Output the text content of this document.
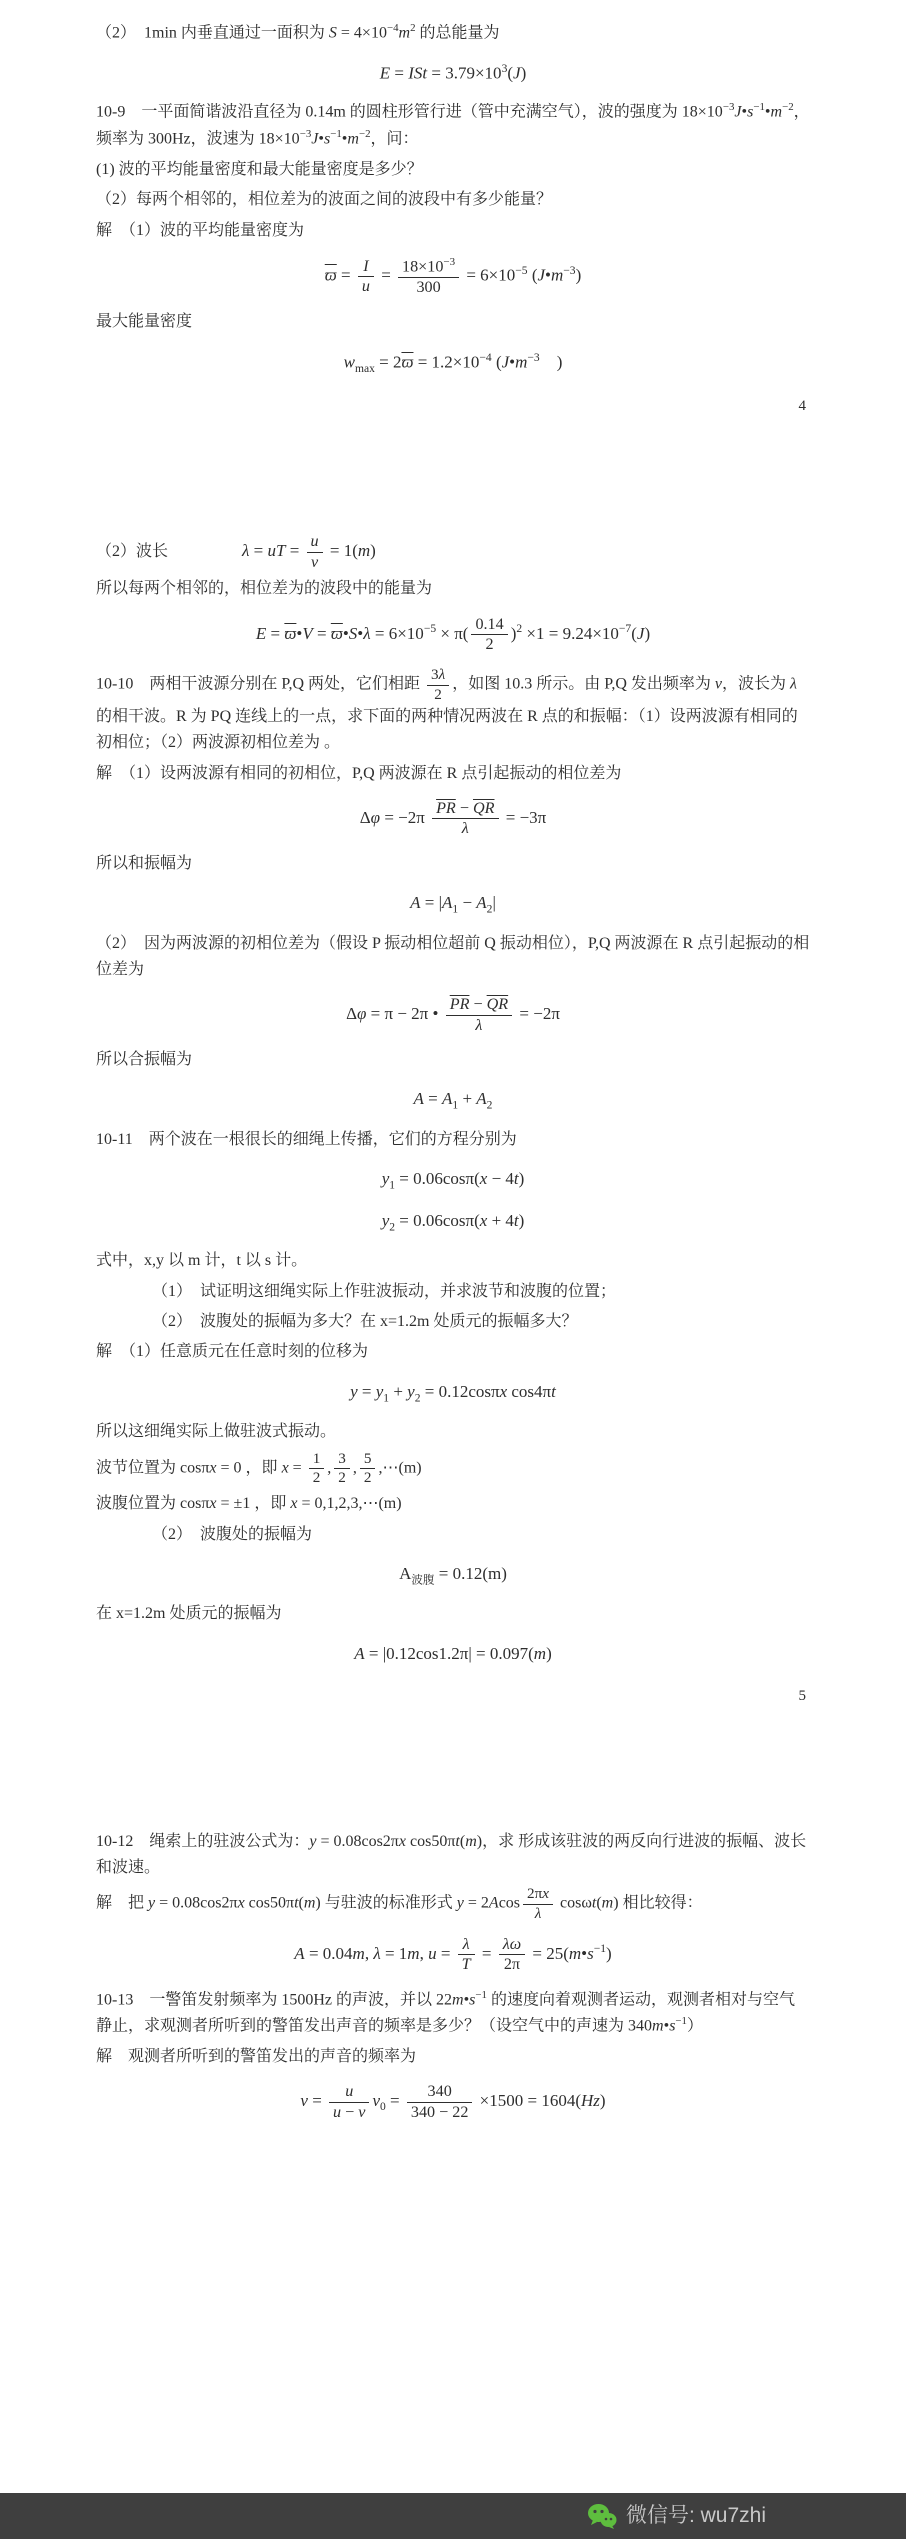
（2）　1min 内垂直通过一面积为 $S = 4\times 10^{-4}m^2$ 的总能量为

E = ISt = $3.79\times 10^3(J)$

10-9　一平面简谐波沿直径为 0.14m 的圆柱形管行进（管中充满空气），波的强度为 $18\times 10^{-3}J•s^{-1}•m^{-2}$，频率为 300Hz，波速为 $18\times 10^{-3}J•s^{-1}•m^{-2}$，问：

(1) 波的平均能量密度和最大能量密度是多少？

（2）每两个相邻的，相位差为的波面之间的波段中有多少能量？

解　（1）波的平均能量密度为

$\overline{ϖ} = \frac{I}{u} = \frac{18\times 10^{-3}}{300} = 6\times 10^{-5}$ $(J•m^{-3})$

最大能量密度

$w_{max} = 2\overline{ϖ} = 1.2\times 10^{-4}$ ($J•m^{-3}$　)

4

（2）波长	λ = uT = $\frac{u}{v} = 1(m)$

所以每两个相邻的，相位差为的波段中的能量为

$E = \overline{ϖ}•V$ = $\overline{ϖ}•S•\lambda = 6\times 10^{-5} \times \pi( \frac{0.14}{2} )^2 \times 1 = 9.24\times 10^{-7}(J)$

10-10　两相干波源分别在 P,Q 两处，它们相距 $\frac{3\lambda}{2}$ ，如图 10.3 所示。由 P,Q 发出频率为 ν，波长为 λ 的相干波。R 为 PQ 连线上的一点，求下面的两种情况两波在 R 点的和振幅：（1）设两波源有相同的初相位；（2）两波源初相位差为 。

解　（1）设两波源有相同的初相位，P,Q 两波源在 R 点引起振动的相位差为

$\Delta\varphi = -2\pi \frac{\overline{PR} - \overline{QR}}{\lambda} = -3\pi$

所以和振幅为

$A = |A_1 - A_2|$

（2）　因为两波源的初相位差为（假设 P 振动相位超前 Q 振动相位），P,Q 两波源在 R 点引起振动的相位差为

Δφ = π − 2π • $\frac{\overline{PR} - \overline{QR}}{\lambda} = -2\pi$

所以合振幅为

$A = A_1 + A_2$

10-11　两个波在一根很长的细绳上传播，它们的方程分别为

$y_1 = 0.06\cos\pi(x - 4t)$

$y_2 = 0.06\cos\pi(x + 4t)$

式中，x,y 以 m 计，t 以 s 计。

（1）　试证明这细绳实际上作驻波振动，并求波节和波腹的位置；

（2）　波腹处的振幅为多大？在 x=1.2m 处质元的振幅多大？

解　（1）任意质元在任意时刻的位移为

$y = y_1 + y_2 = 0.12\cos\pi x$ cos4πt

所以这细绳实际上做驻波式振动。

波节位置为 cosπx = 0 ，即 $x = \frac{1}{2}$ , $\frac{3}{2}$ , $\frac{5}{2}$ ,⋯(m)

波腹位置为 cosπx = ±1 ，即 x = 0,1,2,3,⋯(m)

（2）　波腹处的振幅为

$A_{波腹} = 0.12(m)$

在 x=1.2m 处质元的振幅为

A = |0.12cos1.2π| = 0.097(m)

5

10-12　绳索上的驻波公式为：y = 0.08cos2πx cos50πt(m)，求 形成该驻波的两反向行进波的振幅、波长和波速。

解　把 y = 0.08cos2πx cos50πt(m) 与驻波的标准形式 $y = 2Acos \frac{2\pi x}{\lambda} \cos\omega t(m)$ 相比较得：

A = 0.04m, λ = 1m, $u = \frac{\lambda}{T} = \frac{\lambda\omega}{2\pi}$ = $25(m•s^{-1})$

10-13　一警笛发射频率为 1500Hz 的声波，并以 $22m•s^{-1}$ 的速度向着观测者运动，观测者相对与空气静止，求观测者所听到的警笛发出声音的频率是多少？（设空气中的声速为 $340m•s^{-1}$）

解　观测者所听到的警笛发出的声音的频率为

$\nu = \frac{u}{u - v} \nu_0 = \frac{340}{340 - 22} \times 1500 = 1604(Hz)$

微信号: wu7zhi
